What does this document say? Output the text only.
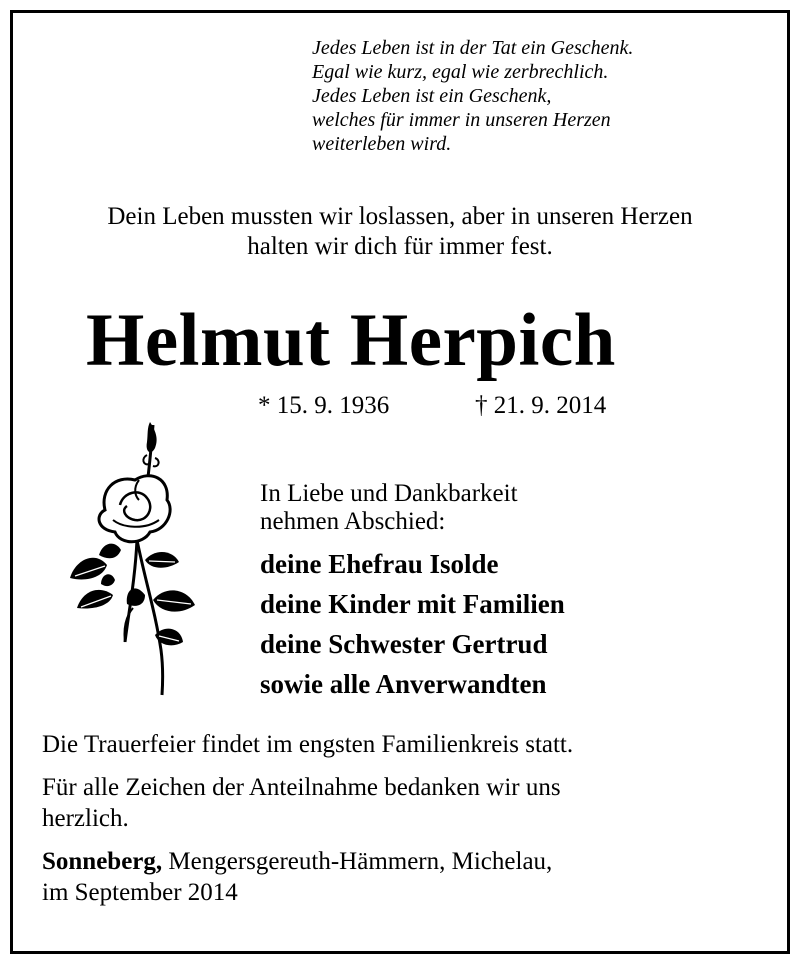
Jedes Leben ist in der Tat ein Geschenk.
Egal wie kurz, egal wie zerbrechlich.
Jedes Leben ist ein Geschenk,
welches für immer in unseren Herzen
weiterleben wird.
Dein Leben mussten wir loslassen, aber in unseren Herzen
halten wir dich für immer fest.
Helmut Herpich
* 15. 9. 1936	† 21. 9. 2014
In Liebe und Dankbarkeit
nehmen Abschied:
deine Ehefrau Isolde
deine Kinder mit Familien
deine Schwester Gertrud
sowie alle Anverwandten

Die Trauerfeier findet im engsten Familienkreis statt.

Für alle Zeichen der Anteilnahme bedanken wir uns
herzlich.

Sonneberg, Mengersgereuth-Hämmern, Michelau,
im September 2014
